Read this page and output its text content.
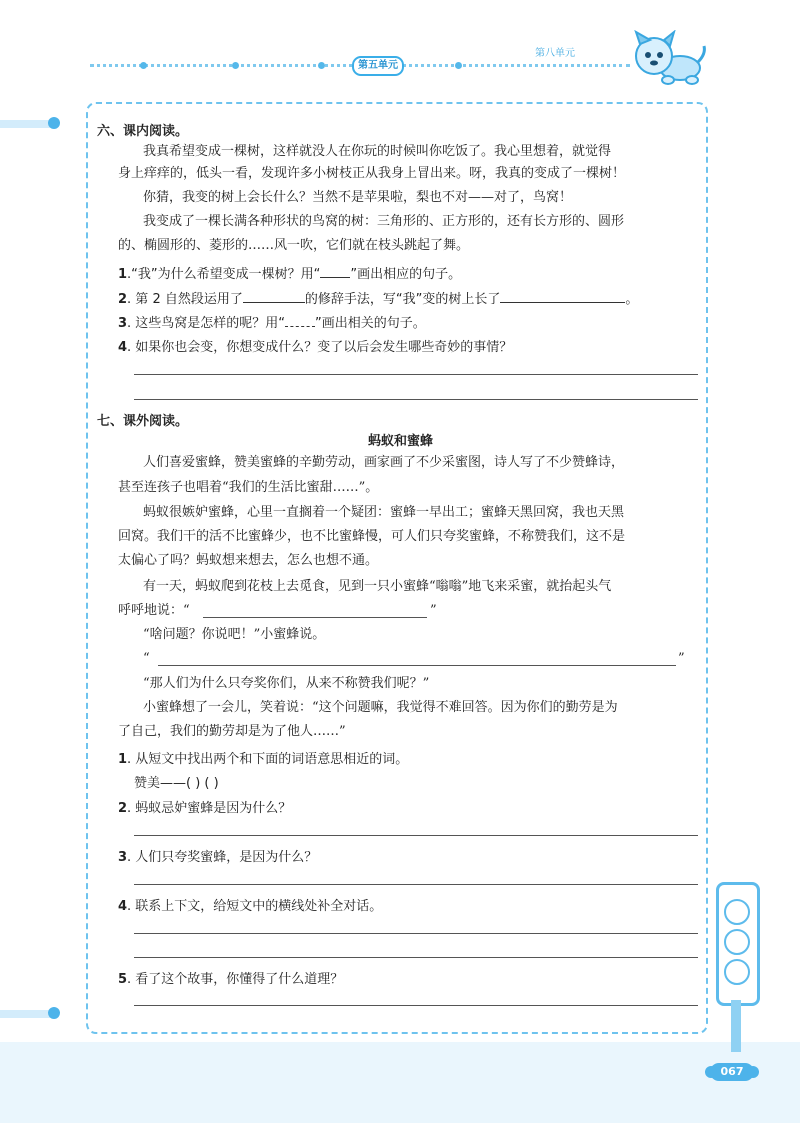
第五单元
第八单元
067
六、课内阅读。
我真希望变成一棵树，这样就没人在你玩的时候叫你吃饭了。我心里想着，就觉得
身上痒痒的，低头一看，发现许多小树枝正从我身上冒出来。呀，我真的变成了一棵树！
你猜，我变的树上会长什么？当然不是苹果啦，梨也不对——对了，鸟窝！
我变成了一棵长满各种形状的鸟窝的树：三角形的、正方形的，还有长方形的、圆形
的、椭圆形的、菱形的……风一吹，它们就在枝头跳起了舞。
1.“我”为什么希望变成一棵树？用“ ”画出相应的句子。
2. 第 2 自然段运用了	的修辞手法，写“我”变的树上长了	。
3. 这些鸟窝是怎样的呢？用“ ”画出相关的句子。
4. 如果你也会变，你想变成什么？变了以后会发生哪些奇妙的事情？
七、课外阅读。
蚂蚁和蜜蜂
人们喜爱蜜蜂，赞美蜜蜂的辛勤劳动，画家画了不少采蜜图，诗人写了不少赞蜂诗，
甚至连孩子也唱着“我们的生活比蜜甜……”。
蚂蚁很嫉妒蜜蜂，心里一直搁着一个疑团：蜜蜂一早出工；蜜蜂天黑回窝，我也天黑
回窝。我们干的活不比蜜蜂少，也不比蜜蜂慢，可人们只夸奖蜜蜂，不称赞我们，这不是
太偏心了吗？蚂蚁想来想去，怎么也想不通。
有一天，蚂蚁爬到花枝上去觅食，见到一只小蜜蜂“嗡嗡”地飞来采蜜，就抬起头气
呼呼地说：“	”
“啥问题？你说吧！”小蜜蜂说。
“	”
“那人们为什么只夸奖你们，从来不称赞我们呢？”
小蜜蜂想了一会儿，笑着说：“这个问题嘛，我觉得不难回答。因为你们的勤劳是为
了自己，我们的勤劳却是为了他人……”
1. 从短文中找出两个和下面的词语意思相近的词。
赞美——( ) ( )
2. 蚂蚁忌妒蜜蜂是因为什么？
3. 人们只夸奖蜜蜂，是因为什么？
4. 联系上下文，给短文中的横线处补全对话。
5. 看了这个故事，你懂得了什么道理？
